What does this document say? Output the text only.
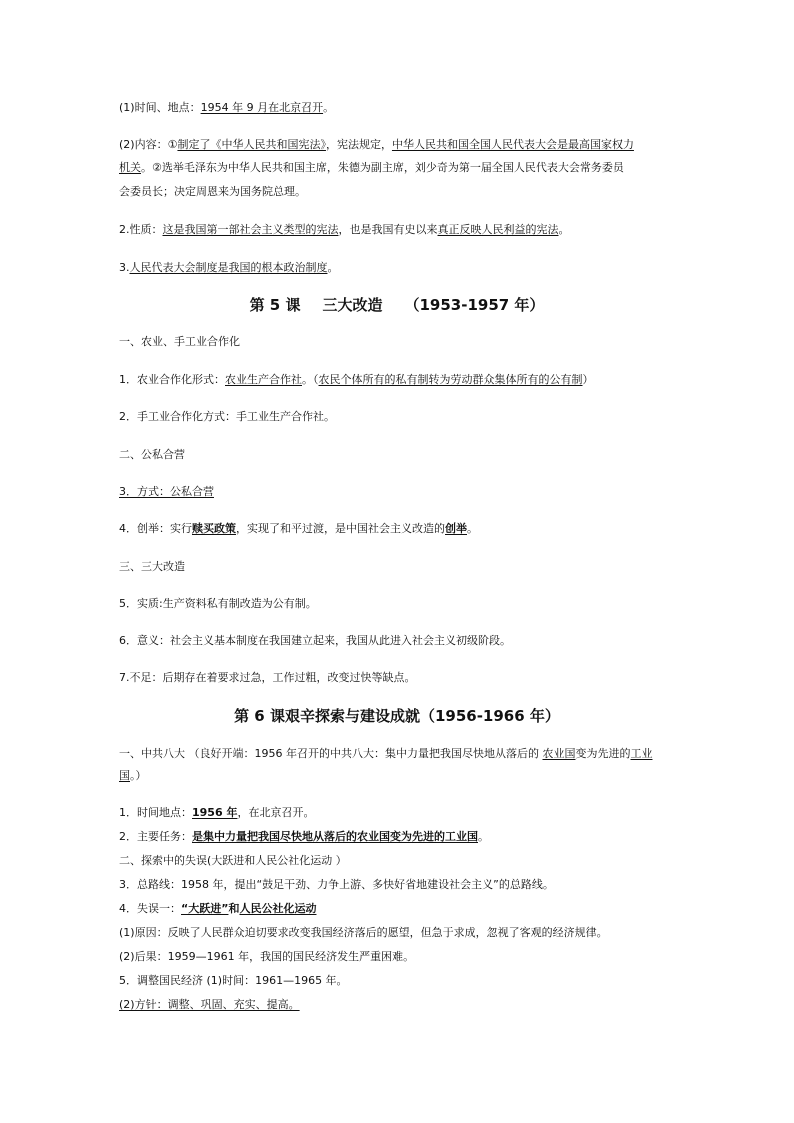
(1)时间、地点：1954 年 9 月在北京召开。
(2)内容：①制定了《中华人民共和国宪法》，宪法规定，中华人民共和国全国人民代表大会是最高国家权力
机关。②选举毛泽东为中华人民共和国主席，朱德为副主席，刘少奇为第一届全国人民代表大会常务委员
会委员长；决定周恩来为国务院总理。
2.性质：这是我国第一部社会主义类型的宪法，也是我国有史以来真正反映人民利益的宪法。
3.人民代表大会制度是我国的根本政治制度。
第 5 课 三大改造 （1953-1957 年）
一、农业、手工业合作化
1．农业合作化形式：农业生产合作社。（农民个体所有的私有制转为劳动群众集体所有的公有制）
2．手工业合作化方式：手工业生产合作社。
二、公私合营
3．方式：公私合营
4．创举：实行赎买政策，实现了和平过渡，是中国社会主义改造的创举。
三、三大改造
5．实质:生产资料私有制改造为公有制。
6．意义：社会主义基本制度在我国建立起来，我国从此进入社会主义初级阶段。
7.不足：后期存在着要求过急，工作过粗，改变过快等缺点。
第 6 课艰辛探索与建设成就（1956-1966 年）
一、中共八大 （良好开端：1956 年召开的中共八大：集中力量把我国尽快地从落后的 农业国变为先进的工业
国。）
1．时间地点：1956 年，在北京召开。
2．主要任务：是集中力量把我国尽快地从落后的农业国变为先进的工业国。
二、探索中的失误(大跃进和人民公社化运动 ）
3．总路线：1958 年，提出“鼓足干劲、力争上游、多快好省地建设社会主义”的总路线。
4．失误一：“大跃进”和人民公社化运动
(1)原因：反映了人民群众迫切要求改变我国经济落后的愿望，但急于求成，忽视了客观的经济规律。
(2)后果：1959—1961 年，我国的国民经济发生严重困难。
5．调整国民经济 (1)时间：1961—1965 年。
(2)方针：调整、巩固、充实、提高。
